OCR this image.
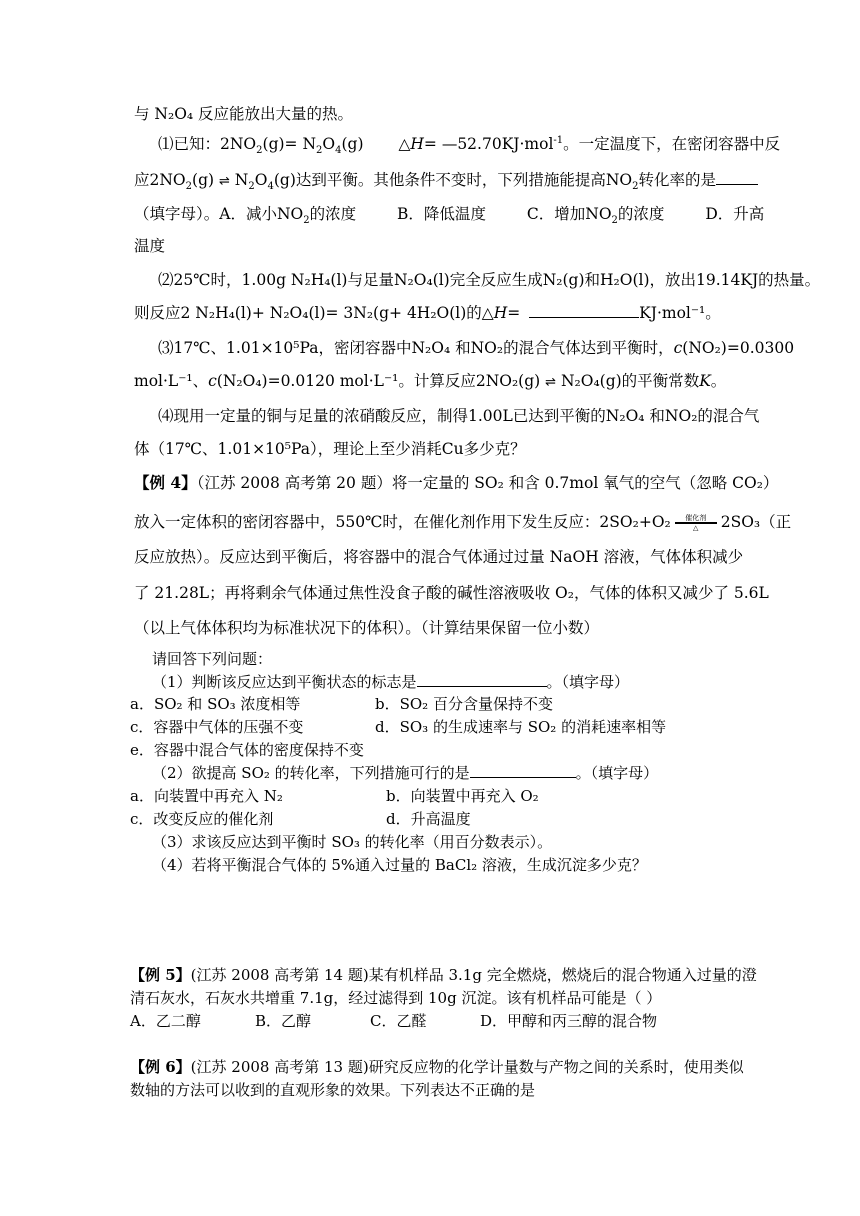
与 N₂O₄ 反应能放出大量的热。
⑴已知：$2NO_2(g)= N_2O_4(g)$ △H= —52.70KJ·mol$^{-1}$。一定温度下，在密闭容器中反
应$2NO_2(g)$ ⇌ $N_2O_4(g)$达到平衡。其他条件不变时，下列措施能提高$NO_2$转化率的是
（填字母）。A．减小$NO_2$的浓度	B．降低温度	C．增加$NO_2$的浓度	D．升高
温度
⑵25℃时，1.00g N₂H₄(l)与足量N₂O₄(l)完全反应生成N₂(g)和H₂O(l)，放出19.14KJ的热量。
则反应2 N₂H₄(l)+ N₂O₄(l)= 3N₂(g+ 4H₂O(l)的△H=	KJ·mol⁻¹。
⑶17℃、1.01×10⁵Pa，密闭容器中N₂O₄ 和NO₂的混合气体达到平衡时，c(NO₂)=0.0300
mol·L⁻¹、c(N₂O₄)=0.0120 mol·L⁻¹。计算反应2NO₂(g) ⇌ N₂O₄(g)的平衡常数K。
⑷现用一定量的铜与足量的浓硝酸反应，制得1.00L已达到平衡的N₂O₄ 和NO₂的混合气
体（17℃、1.01×10⁵Pa），理论上至少消耗Cu多少克？
【例 4】（江苏 2008 高考第 20 题）将一定量的 SO₂ 和含 0.7mol 氧气的空气（忽略 CO₂）
放入一定体积的密闭容器中，550℃时，在催化剂作用下发生反应：2SO₂+O₂	催化剂
△	2SO₃（正
反应放热）。反应达到平衡后，将容器中的混合气体通过过量 NaOH 溶液，气体体积减少
了 21.28L；再将剩余气体通过焦性没食子酸的碱性溶液吸收 O₂，气体的体积又减少了 5.6L
（以上气体体积均为标准状况下的体积）。（计算结果保留一位小数）
请回答下列问题：
（1）判断该反应达到平衡状态的标志是	。（填字母）
a．SO₂ 和 SO₃ 浓度相等	b．SO₂ 百分含量保持不变
c．容器中气体的压强不变	d．SO₃ 的生成速率与 SO₂ 的消耗速率相等
e．容器中混合气体的密度保持不变
（2）欲提高 SO₂ 的转化率，下列措施可行的是	。（填字母）
a．向装置中再充入 N₂	b．向装置中再充入 O₂
c．改变反应的催化剂	d．升高温度
（3）求该反应达到平衡时 SO₃ 的转化率（用百分数表示）。
（4）若将平衡混合气体的 5%通入过量的 BaCl₂ 溶液，生成沉淀多少克？
【例 5】(江苏 2008 高考第 14 题)某有机样品 3.1g 完全燃烧，燃烧后的混合物通入过量的澄
清石灰水，石灰水共增重 7.1g，经过滤得到 10g 沉淀。该有机样品可能是（ ）
A．乙二醇	B．乙醇	C．乙醛	D．甲醇和丙三醇的混合物
【例 6】(江苏 2008 高考第 13 题)研究反应物的化学计量数与产物之间的关系时，使用类似
数轴的方法可以收到的直观形象的效果。下列表达不正确的是
